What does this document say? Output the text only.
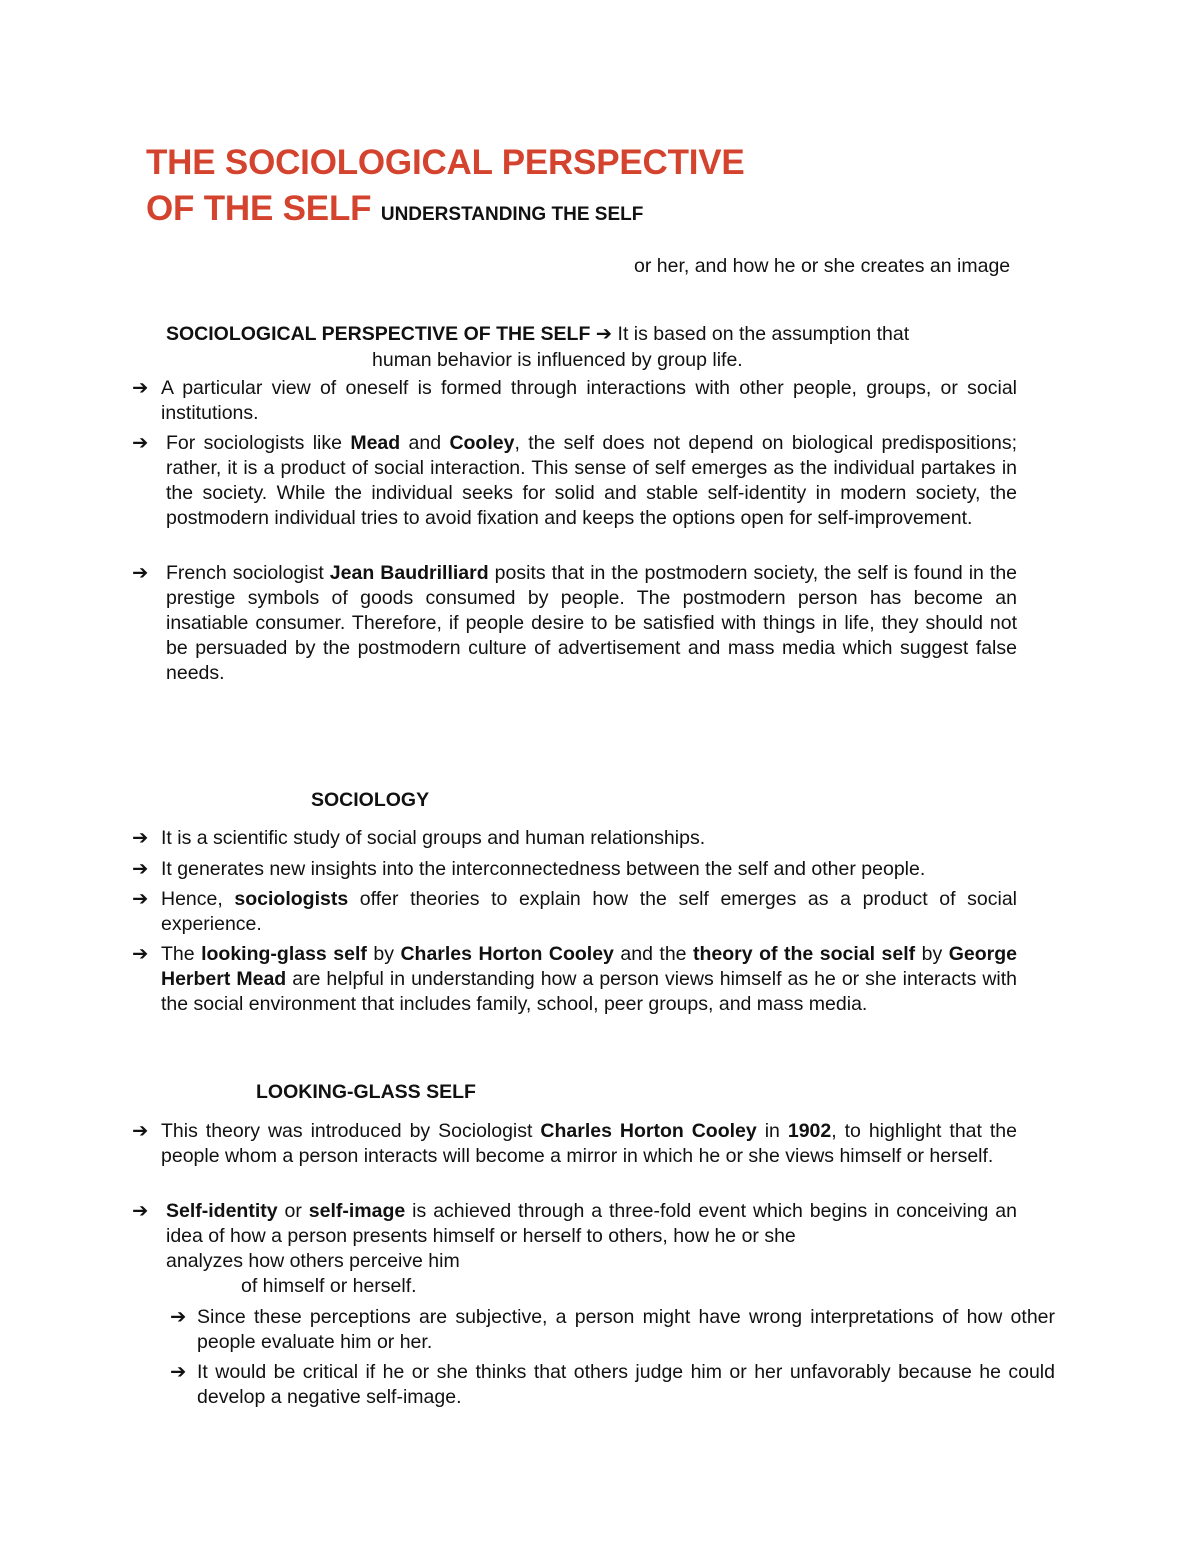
THE SOCIOLOGICAL PERSPECTIVE
OF THE SELF UNDERSTANDING THE SELF
or her, and how he or she creates an image
SOCIOLOGICAL PERSPECTIVE OF THE SELF ➔ It is based on the assumption that
human behavior is influenced by group life.
➔ A particular view of oneself is formed through interactions with other people, groups, or social institutions.
➔ For sociologists like Mead and Cooley, the self does not depend on biological predispositions; rather, it is a product of social interaction. This sense of self emerges as the individual partakes in the society. While the individual seeks for solid and stable self-identity in modern society, the postmodern individual tries to avoid fixation and keeps the options open for self-improvement.
➔ French sociologist Jean Baudrilliard posits that in the postmodern society, the self is found in the prestige symbols of goods consumed by people. The postmodern person has become an insatiable consumer. Therefore, if people desire to be satisfied with things in life, they should not be persuaded by the postmodern culture of advertisement and mass media which suggest false needs.
SOCIOLOGY
➔ It is a scientific study of social groups and human relationships.
➔ It generates new insights into the interconnectedness between the self and other people.
➔ Hence, sociologists offer theories to explain how the self emerges as a product of social experience.
➔ The looking-glass self by Charles Horton Cooley and the theory of the social self by George Herbert Mead are helpful in understanding how a person views himself as he or she interacts with the social environment that includes family, school, peer groups, and mass media.
LOOKING-GLASS SELF
➔ This theory was introduced by Sociologist Charles Horton Cooley in 1902, to highlight that the people whom a person interacts will become a mirror in which he or she views himself or herself.
➔ Self-identity or self-image is achieved through a three-fold event which begins in conceiving an idea of how a person presents himself or herself to others, how he or she
analyzes how others perceive him
of himself or herself.
➔ Since these perceptions are subjective, a person might have wrong interpretations of how other people evaluate him or her.
➔ It would be critical if he or she thinks that others judge him or her unfavorably because he could develop a negative self-image.
